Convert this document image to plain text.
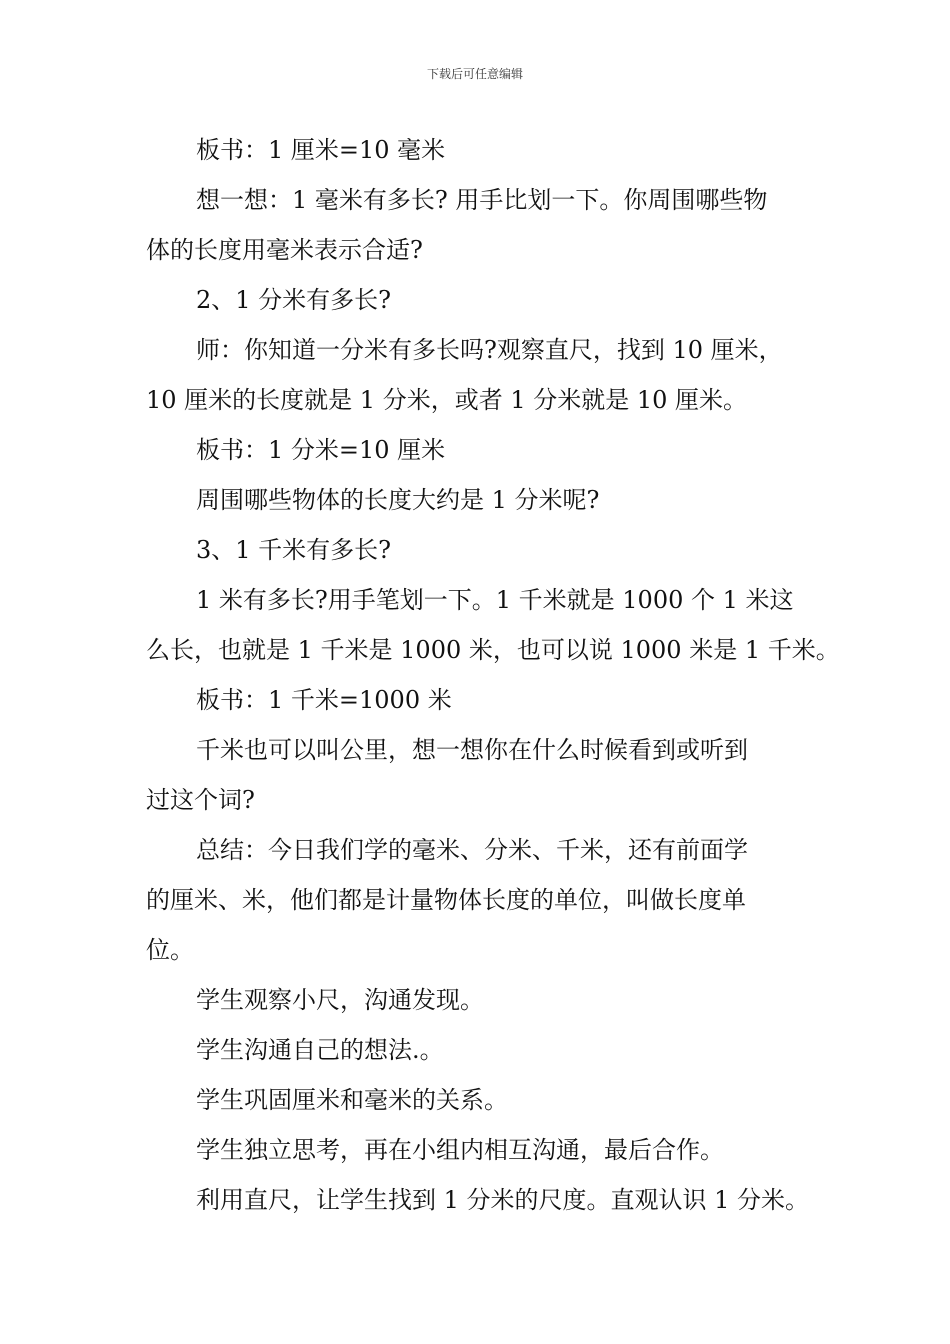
下载后可任意编辑

板书：1 厘米=10 毫米

想一想：1 毫米有多长? 用手比划一下。你周围哪些物
体的长度用毫米表示合适?

2、1 分米有多长?

师：你知道一分米有多长吗?观察直尺，找到 10 厘米，
10 厘米的长度就是 1 分米，或者 1 分米就是 10 厘米。

板书：1 分米=10 厘米

周围哪些物体的长度大约是 1 分米呢?

3、1 千米有多长?

1 米有多长?用手笔划一下。1 千米就是 1000 个 1 米这
么长，也就是 1 千米是 1000 米，也可以说 1000 米是 1 千米。

板书：1 千米=1000 米

千米也可以叫公里，想一想你在什么时候看到或听到
过这个词?

总结：今日我们学的毫米、分米、千米，还有前面学
的厘米、米，他们都是计量物体长度的单位，叫做长度单
位。

学生观察小尺，沟通发现。

学生沟通自己的想法.。

学生巩固厘米和毫米的关系。

学生独立思考，再在小组内相互沟通，最后合作。

利用直尺，让学生找到 1 分米的尺度。直观认识 1 分米。
